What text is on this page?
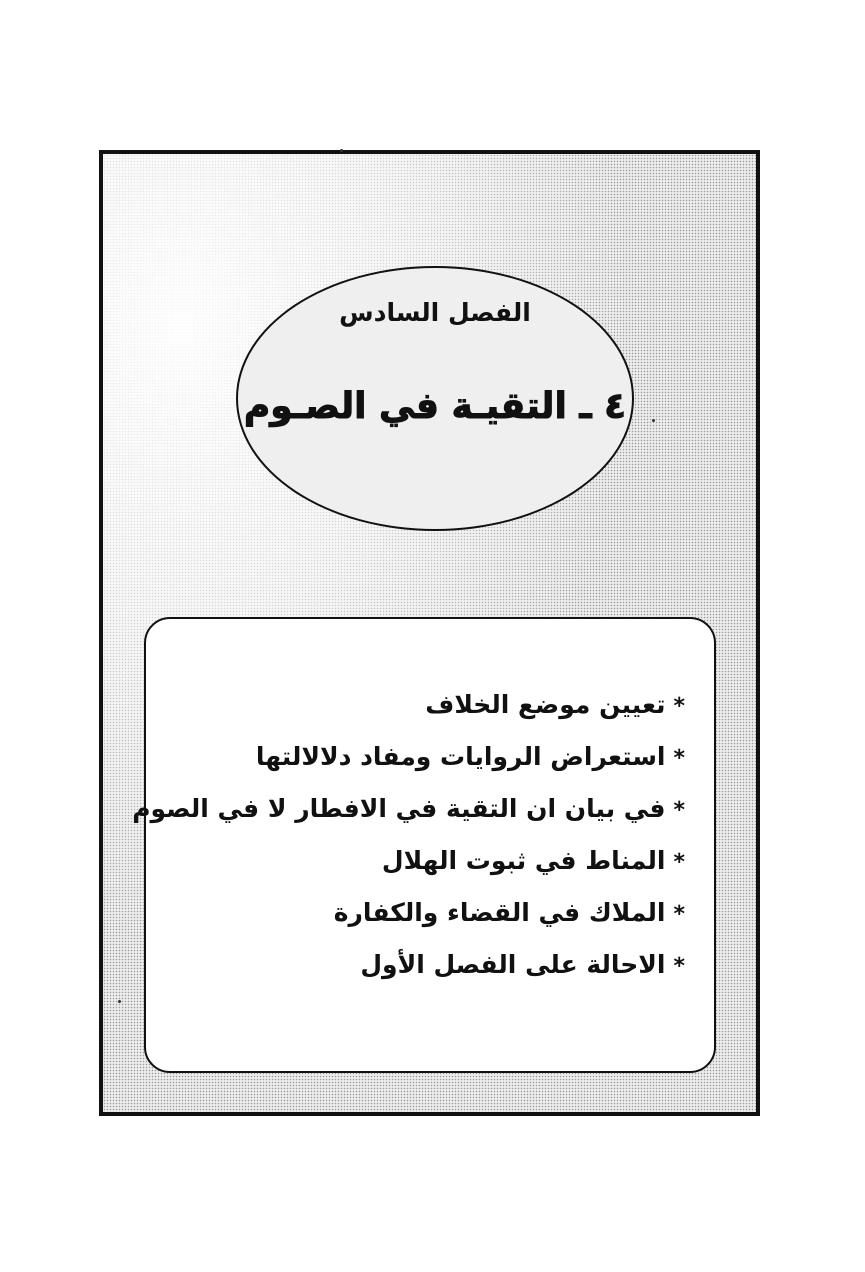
الفصل السادس
٤ ـ التقيـة في الصـوم
*تعيين موضع الخلاف
*استعراض الروايات ومفاد دلالالتها
*في بيان ان التقية في الافطار لا في الصوم
*المناط في ثبوت الهلال
*الملاك في القضاء والكفارة
*الاحالة على الفصل الأول
